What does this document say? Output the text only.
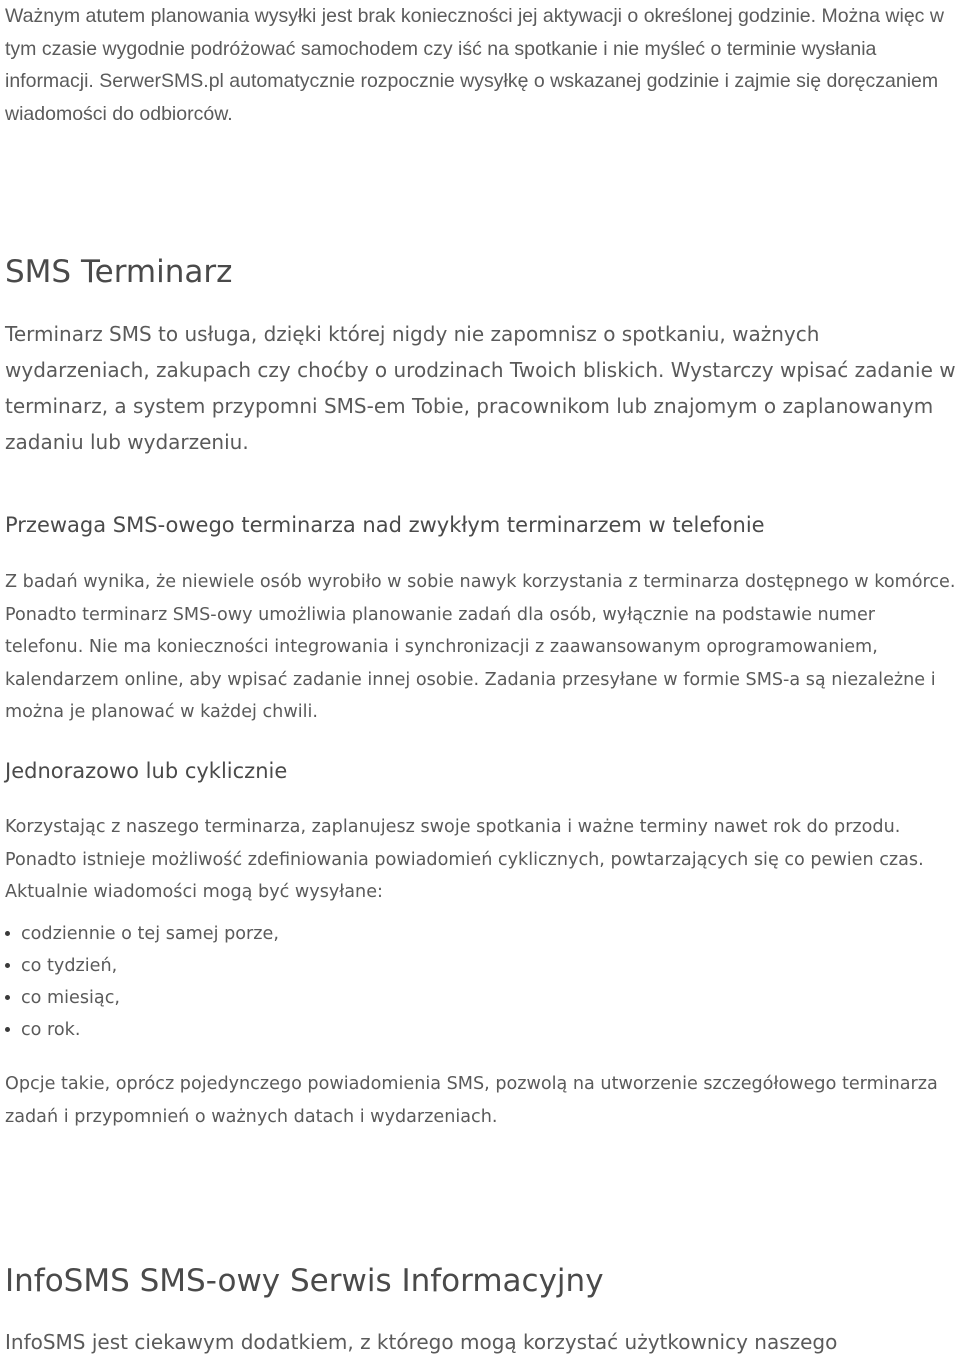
Ważnym atutem planowania wysyłki jest brak konieczności jej aktywacji o określonej godzinie. Można więc w tym czasie wygodnie podróżować samochodem czy iść na spotkanie i nie myśleć o terminie wysłania informacji. SerwerSMS.pl automatycznie rozpocznie wysyłkę o wskazanej godzinie i zajmie się doręczaniem wiadomości do odbiorców.

SMS Terminarz

Terminarz SMS to usługa, dzięki której nigdy nie zapomnisz o spotkaniu, ważnych wydarzeniach, zakupach czy choćby o urodzinach Twoich bliskich. Wystarczy wpisać zadanie w terminarz, a system przypomni SMS-em Tobie, pracownikom lub znajomym o zaplanowanym zadaniu lub wydarzeniu.

Przewaga SMS-owego terminarza nad zwykłym terminarzem w telefonie

Z badań wynika, że niewiele osób wyrobiło w sobie nawyk korzystania z terminarza dostępnego w komórce. Ponadto terminarz SMS-owy umożliwia planowanie zadań dla osób, wyłącznie na podstawie numer telefonu. Nie ma konieczności integrowania i synchronizacji z zaawansowanym oprogramowaniem, kalendarzem online, aby wpisać zadanie innej osobie. Zadania przesyłane w formie SMS-a są niezależne i można je planować w każdej chwili.

Jednorazowo lub cyklicznie

Korzystając z naszego terminarza, zaplanujesz swoje spotkania i ważne terminy nawet rok do przodu. Ponadto istnieje możliwość zdefiniowania powiadomień cyklicznych, powtarzających się co pewien czas. Aktualnie wiadomości mogą być wysyłane:

codziennie o tej samej porze,
co tydzień,
co miesiąc,
co rok.

Opcje takie, oprócz pojedynczego powiadomienia SMS, pozwolą na utworzenie szczegółowego terminarza zadań i przypomnień o ważnych datach i wydarzeniach.

InfoSMS SMS-owy Serwis Informacyjny

InfoSMS jest ciekawym dodatkiem, z którego mogą korzystać użytkownicy naszego
